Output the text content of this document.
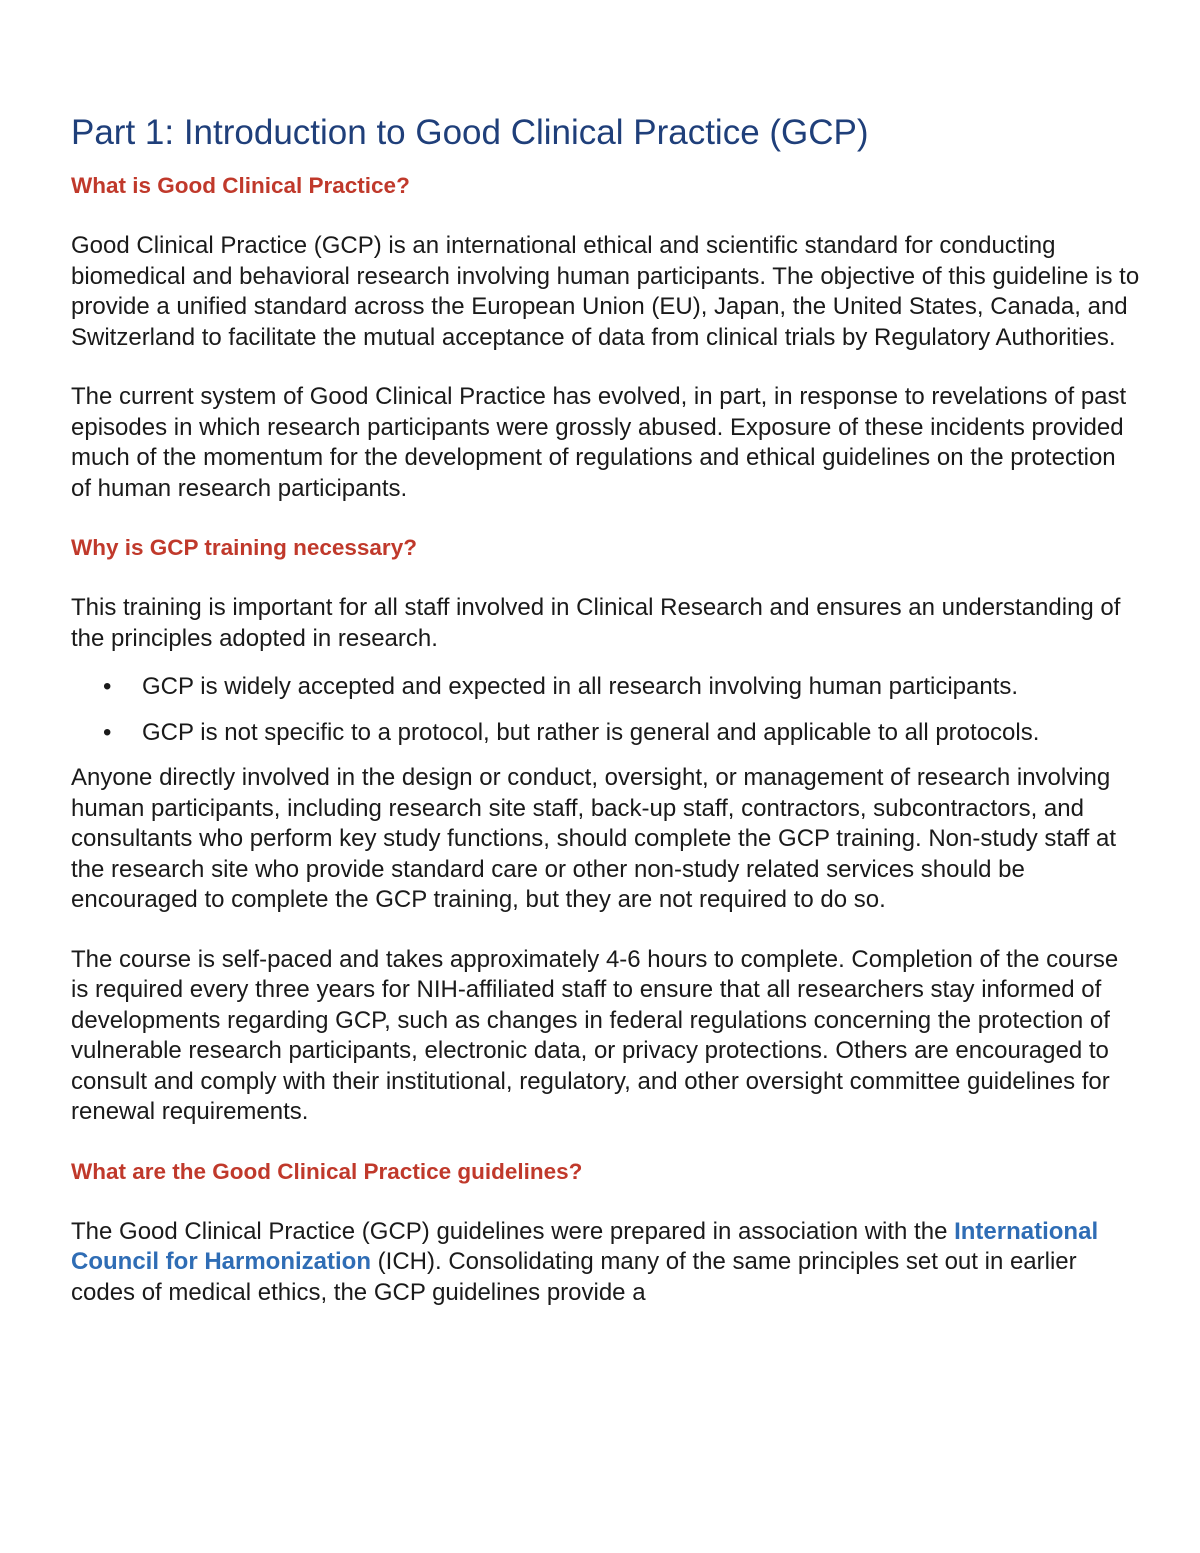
Part 1: Introduction to Good Clinical Practice (GCP)
What is Good Clinical Practice?

Good Clinical Practice (GCP) is an international ethical and scientific standard for conducting biomedical and behavioral research involving human participants. The objective of this guideline is to provide a unified standard across the European Union (EU), Japan, the United States, Canada, and Switzerland to facilitate the mutual acceptance of data from clinical trials by Regulatory Authorities.

The current system of Good Clinical Practice has evolved, in part, in response to revelations of past episodes in which research participants were grossly abused. Exposure of these incidents provided much of the momentum for the development of regulations and ethical guidelines on the protection of human research participants.

Why is GCP training necessary?

This training is important for all staff involved in Clinical Research and ensures an understanding of the principles adopted in research.

• GCP is widely accepted and expected in all research involving human participants.
• GCP is not specific to a protocol, but rather is general and applicable to all protocols.

Anyone directly involved in the design or conduct, oversight, or management of research involving human participants, including research site staff, back-up staff, contractors, subcontractors, and consultants who perform key study functions, should complete the GCP training. Non-study staff at the research site who provide standard care or other non-study related services should be encouraged to complete the GCP training, but they are not required to do so.

The course is self-paced and takes approximately 4-6 hours to complete. Completion of the course is required every three years for NIH-affiliated staff to ensure that all researchers stay informed of developments regarding GCP, such as changes in federal regulations concerning the protection of vulnerable research participants, electronic data, or privacy protections. Others are encouraged to consult and comply with their institutional, regulatory, and other oversight committee guidelines for renewal requirements.

What are the Good Clinical Practice guidelines?

The Good Clinical Practice (GCP) guidelines were prepared in association with the International Council for Harmonization (ICH). Consolidating many of the same principles set out in earlier codes of medical ethics, the GCP guidelines provide a
